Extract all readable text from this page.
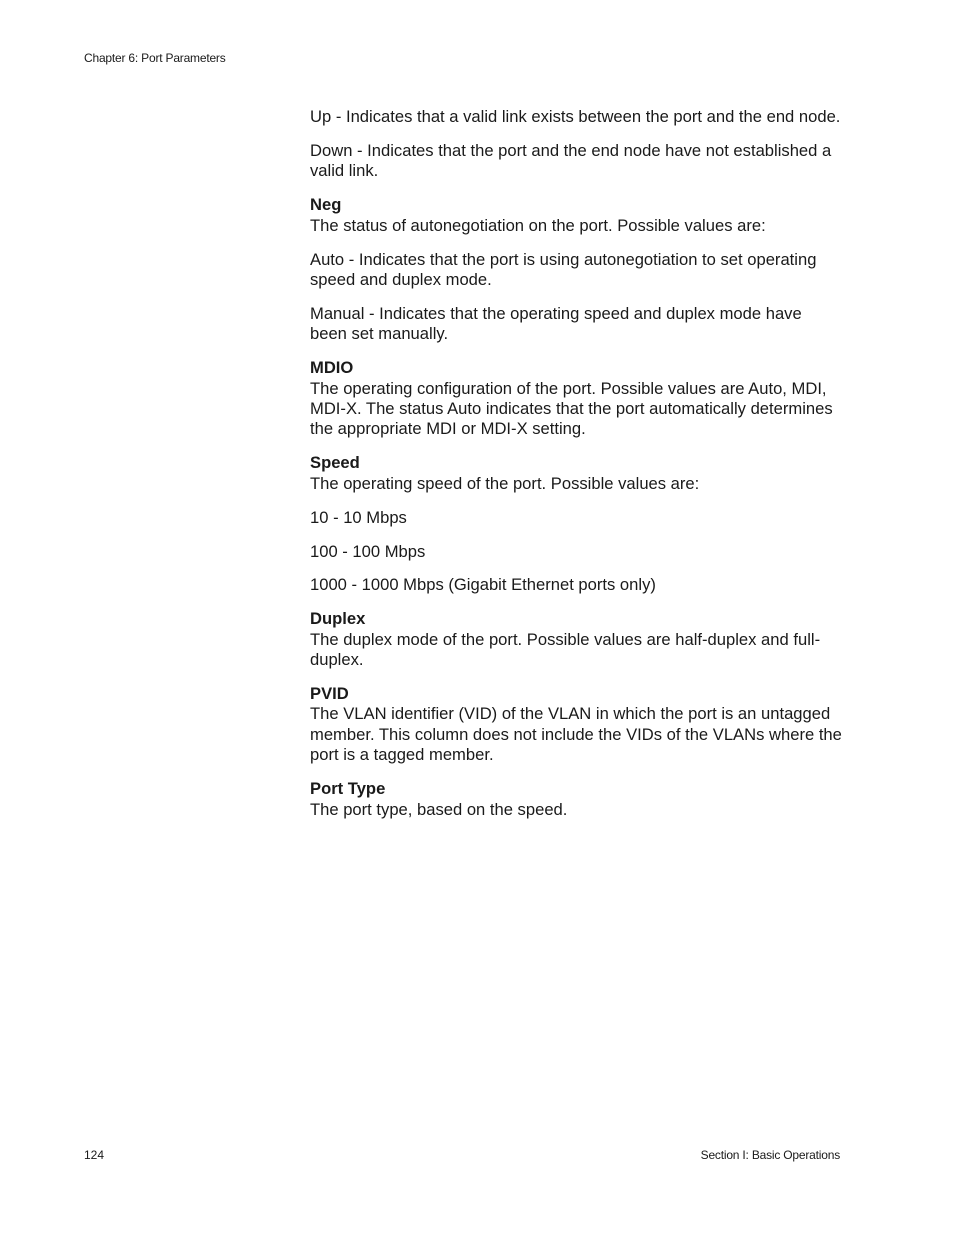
Chapter 6: Port Parameters

Up - Indicates that a valid link exists between the port and the end node.

Down - Indicates that the port and the end node have not established a valid link.

Neg
The status of autonegotiation on the port. Possible values are:

Auto - Indicates that the port is using autonegotiation to set operating speed and duplex mode.

Manual - Indicates that the operating speed and duplex mode have been set manually.

MDIO
The operating configuration of the port. Possible values are Auto, MDI, MDI-X. The status Auto indicates that the port automatically determines the appropriate MDI or MDI-X setting.
Speed
The operating speed of the port. Possible values are:

10 - 10 Mbps

100 - 100 Mbps

1000 - 1000 Mbps (Gigabit Ethernet ports only)

Duplex
The duplex mode of the port. Possible values are half-duplex and full-duplex.
PVID
The VLAN identifier (VID) of the VLAN in which the port is an untagged member. This column does not include the VIDs of the VLANs where the port is a tagged member.
Port Type
The port type, based on the speed.
124	Section I: Basic Operations
